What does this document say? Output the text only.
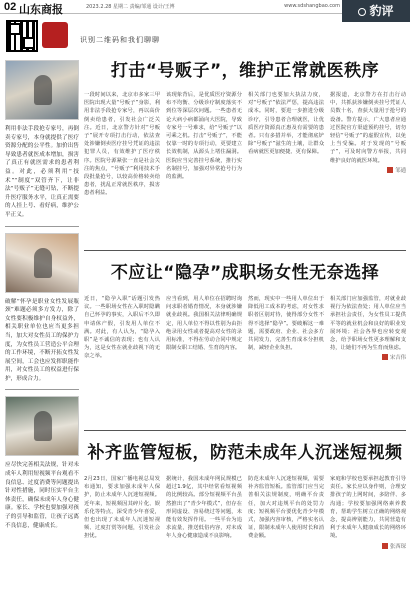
02 山东商报	2023.2.28 星期二 责编/邹通 设计/王博	www.sdshangbao.com	豹评
识别二维码和我们聊聊
利用非法手段抢专家号，再倒卖专家号，本身就提供了医疗资源分配的公平性。加价出售导致患者就医成本增加，损害了真正有就医需求的患者利益。对此，必须利用“技术”“制度”双管齐下，让非法“号贩子”无缝可钻，不断提升医疗服务水平，让真正需要的人挂上号、看好病，维护公平正义。
破解“怀孕是职业女性发展瓶颈”难题必须多方发力，除了女性要积极维护自身权益外，相关职业单位也应当更多担当，加大对女性员工的保护力度，为女性员工营造公平合理的工作环境，不断开拓女性发展空间，工会也应发挥职能作用，对女性员工的权益进行保护，形成合力。
应尽快完善相关法规，针对未成年人利用短视频平台观看不良信息、过度消费等问题提出针对性措施，同时压实平台主体责任，确保未成年人身心健康。家长、学校也要加强对孩子的引导和监管，让孩子远离不良信息，健康成长。
打击“号贩子”，维护正常就医秩序
一段时间以来，北京市多家三甲医院出现大量“号贩子”身影，利用非法手段抢专家号，再以高价倒卖给患者，引发社会广泛关注。近日，北京警方针对“号贩子”展开专项打击行动，依法查处涉嫌倒卖医疗挂号凭证的违法犯罪人员，有效维护了医疗秩序。医院号源紧张一直是社会关注的焦点，“号贩子”利用技术手段批量抢号，以较高价格转卖给患者，扰乱正常就医秩序，损害患者利益。
该现象背后，是优质医疗资源分布不均衡、分级诊疗制度落实不到位等深层次问题。一些患者无论大病小病都涌向大医院，导致专家号一号难求，给“号贩子”以可乘之机。打击“号贩子”，不能仅靠一时的专项行动，更要建立长效机制，从源头上堵住漏洞。医院应当完善挂号系统，推行实名制挂号，加强对异常抢号行为的监测。
相关部门也要加大执法力度，对“号贩子”依法严惩，提高违法成本。同时，要进一步推进分级诊疗，引导患者合理就医，让优质医疗资源真正惠及有需要的患者。只有多措并举，才能彻底铲除“号贩子”滋生的土壤，让群众看病就医更加便捷、更有保障。
据报道，北京警方在打击行动中，共抓获涉嫌倒卖挂号凭证人员数十名，查获大量用于抢号的设备。警方提示，广大患者应通过医院官方渠道预约挂号，切勿轻信“号贩子”的虚假宣传，以免上当受骗。对于发现的“号贩子”，可及时向警方举报，共同维护良好的就医环境。
邹通
不应让“隐孕”成职场女性无奈选择
近日，“隐孕入职”话题引发热议。一些职场女性在入职时隐瞒自己怀孕的事实，入职后不久即申请休产假，引发用人单位不满。对此，有人认为，“隐孕入职”是不诚信的表现；也有人认为，这是女性在就业歧视下的无奈之举。
应当看到，用人单位在招聘时询问求职者婚育情况，本身就涉嫌就业歧视。我国相关法律明确规定，用人单位不得以性别为由拒绝录用女性或者提高对女性的录用标准，不得在劳动合同中规定限制女职工结婚、生育的内容。
然而，现实中一些用人单位出于降低用工成本的考虑，对女性求职者区别对待，使得部分女性不得不选择“隐孕”。要破解这一难题，需要政府、企业、社会多方共同发力，完善生育成本分担机制，减轻企业负担。
相关部门应加强监管，对就业歧视行为依法查处；用人单位应当承担社会责任，为女性员工提供平等的就业机会和良好的职业发展环境；社会各界也应转变观念，给予职场女性更多理解和支持，让她们不再为生育而焦虑。
宋吉伟
补齐监管短板，防范未成年人沉迷短视频
2月23日，国家广播电视总局发布通知，要求加强未成年人保护，防止未成年人沉迷短视频。近年来，短视频因其碎片化、娱乐化等特点，深受青少年喜爱，但也出现了未成年人沉迷短视频、过度打赏等问题，引发社会担忧。
据统计，我国未成年网民规模已超过1.9亿，其中经常看短视频的比例较高。部分短视频平台虽然推出了“青少年模式”，但存在形同虚设、容易绕过等问题，未能有效发挥作用。一些平台为追求流量，推送低俗内容，对未成年人身心健康造成不良影响。
防范未成年人沉迷短视频，需要补齐监管短板。监管部门应当完善相关法规制度，明确平台责任，加大对违规平台的处罚力度；短视频平台要优化青少年模式，加强内容审核，严格实名认证，限制未成年人使用时长和消费金额。
家庭和学校也要承担起教育引导责任。家长应以身作则，合理安排孩子的上网时间，多陪伴、多沟通；学校要加强网络素养教育，帮助学生树立正确的网络观念，提高辨别能力，共同营造有利于未成年人健康成长的网络环境。
张西琛
